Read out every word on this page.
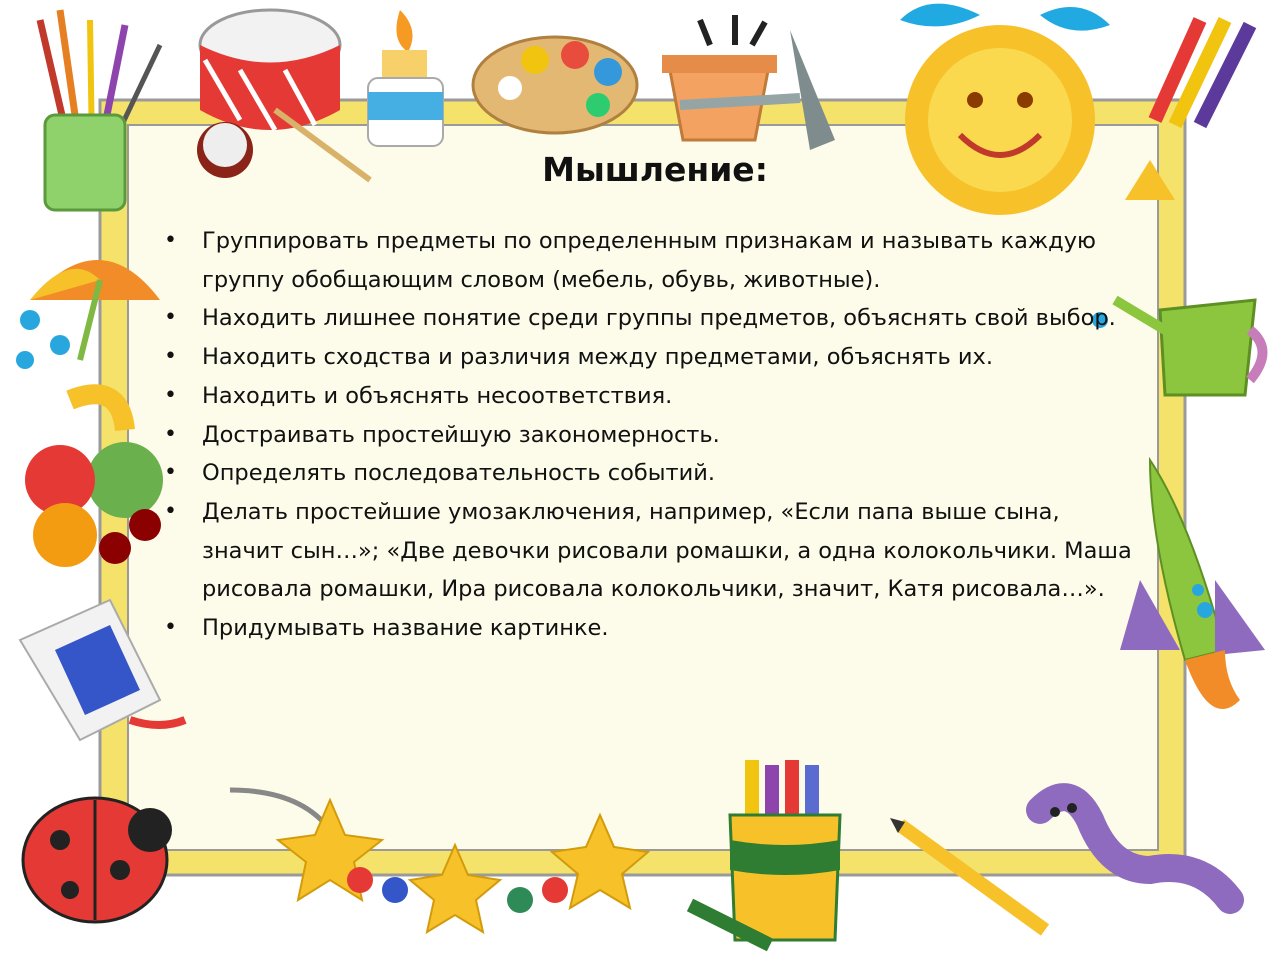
Мышление:
• Группировать предметы по определенным признакам и называть каждую группу обобщающим словом (мебель, обувь, животные).
• Находить лишнее понятие среди группы предметов, объяснять свой выбор.
• Находить сходства и различия между предметами, объяснять их.
• Находить и объяснять несоответствия.
• Достраивать простейшую закономерность.
• Определять последовательность событий.
• Делать простейшие умозаключения, например, «Если папа выше сына, значит сын…»; «Две девочки рисовали ромашки, а одна колокольчики. Маша рисовала ромашки, Ира рисовала колокольчики, значит, Катя рисовала…».
• Придумывать название картинке.
